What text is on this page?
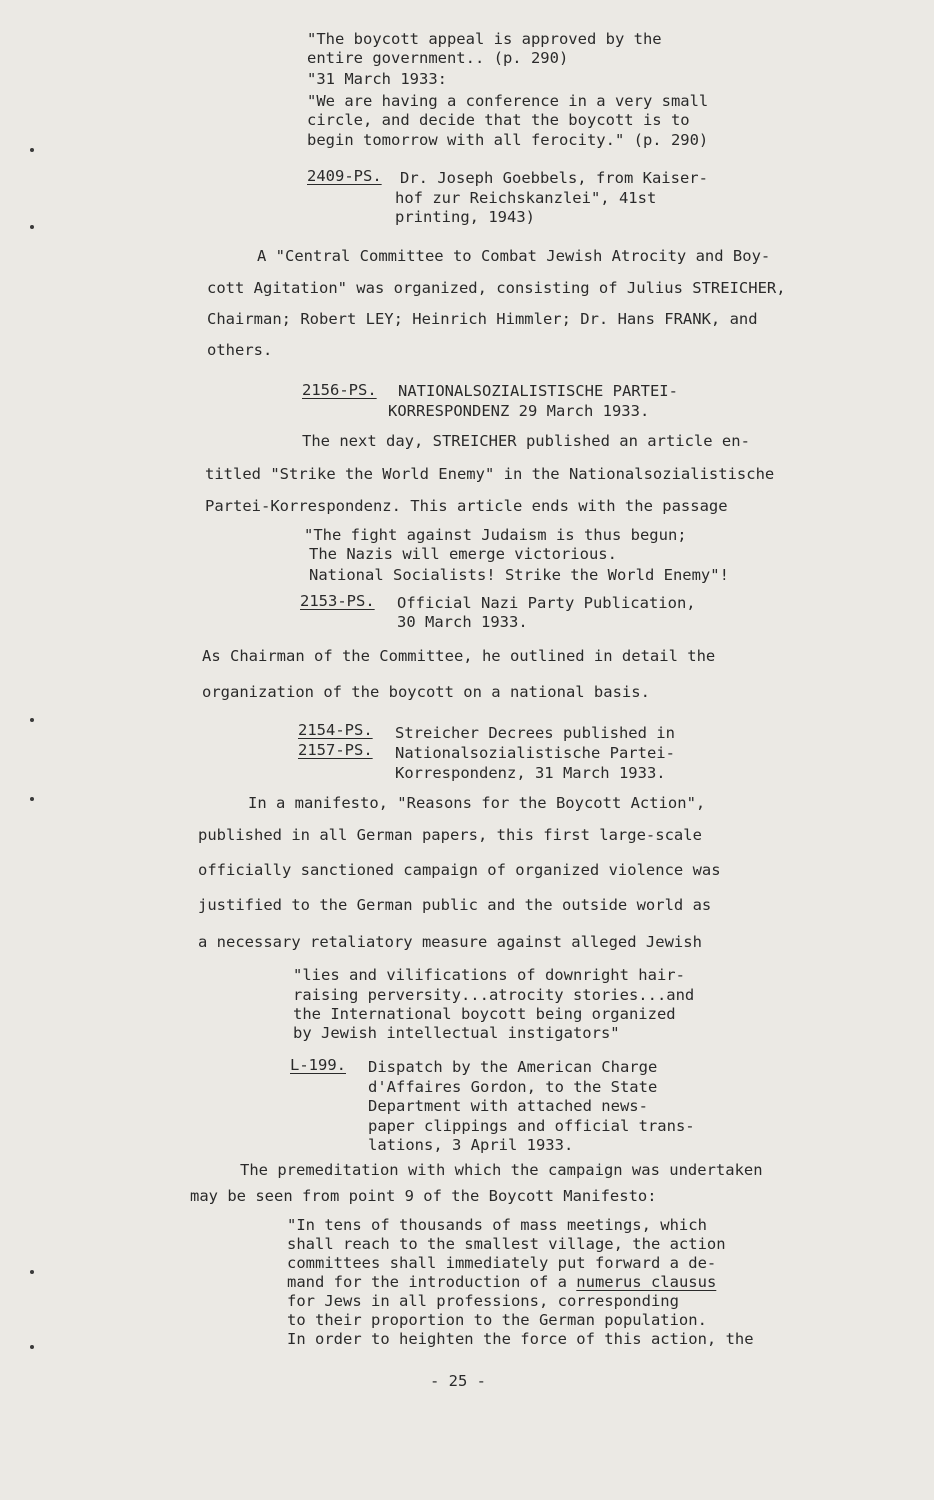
"The boycott appeal is approved by the

entire government.. (p. 290)

"31 March 1933:

"We are having a conference in a very small

circle, and decide that the boycott is to

begin tomorrow with all ferocity." (p. 290)

2409-PS. Dr. Joseph Goebbels, from Kaiser-

hof zur Reichskanzlei", 41st

printing, 1943)

A "Central Committee to Combat Jewish Atrocity and Boy-

cott Agitation" was organized, consisting of Julius STREICHER,

Chairman; Robert LEY; Heinrich Himmler; Dr. Hans FRANK, and

others.

2156-PS. NATIONALSOZIALISTISCHE PARTEI-

KORRESPONDENZ 29 March 1933.

The next day, STREICHER published an article en-

titled "Strike the World Enemy" in the Nationalsozialistische

Partei-Korrespondenz. This article ends with the passage

"The fight against Judaism is thus begun;

The Nazis will emerge victorious.

National Socialists! Strike the World Enemy"!

2153-PS. Official Nazi Party Publication,

30 March 1933.

As Chairman of the Committee, he outlined in detail the

organization of the boycott on a national basis.

2154-PS.

2157-PS.

Streicher Decrees published in

Nationalsozialistische Partei-

Korrespondenz, 31 March 1933.

In a manifesto, "Reasons for the Boycott Action",

published in all German papers, this first large-scale

officially sanctioned campaign of organized violence was

justified to the German public and the outside world as

a necessary retaliatory measure against alleged Jewish

"lies and vilifications of downright hair-

raising perversity...atrocity stories...and

the International boycott being organized

by Jewish intellectual instigators"

L-199. Dispatch by the American Charge

d'Affaires Gordon, to the State

Department with attached news-

paper clippings and official trans-

lations, 3 April 1933.

The premeditation with which the campaign was undertaken

may be seen from point 9 of the Boycott Manifesto:

"In tens of thousands of mass meetings, which

shall reach to the smallest village, the action

committees shall immediately put forward a de-

mand for the introduction of a numerus clausus

for Jews in all professions, corresponding

to their proportion to the German population.

In order to heighten the force of this action, the

- 25 -
